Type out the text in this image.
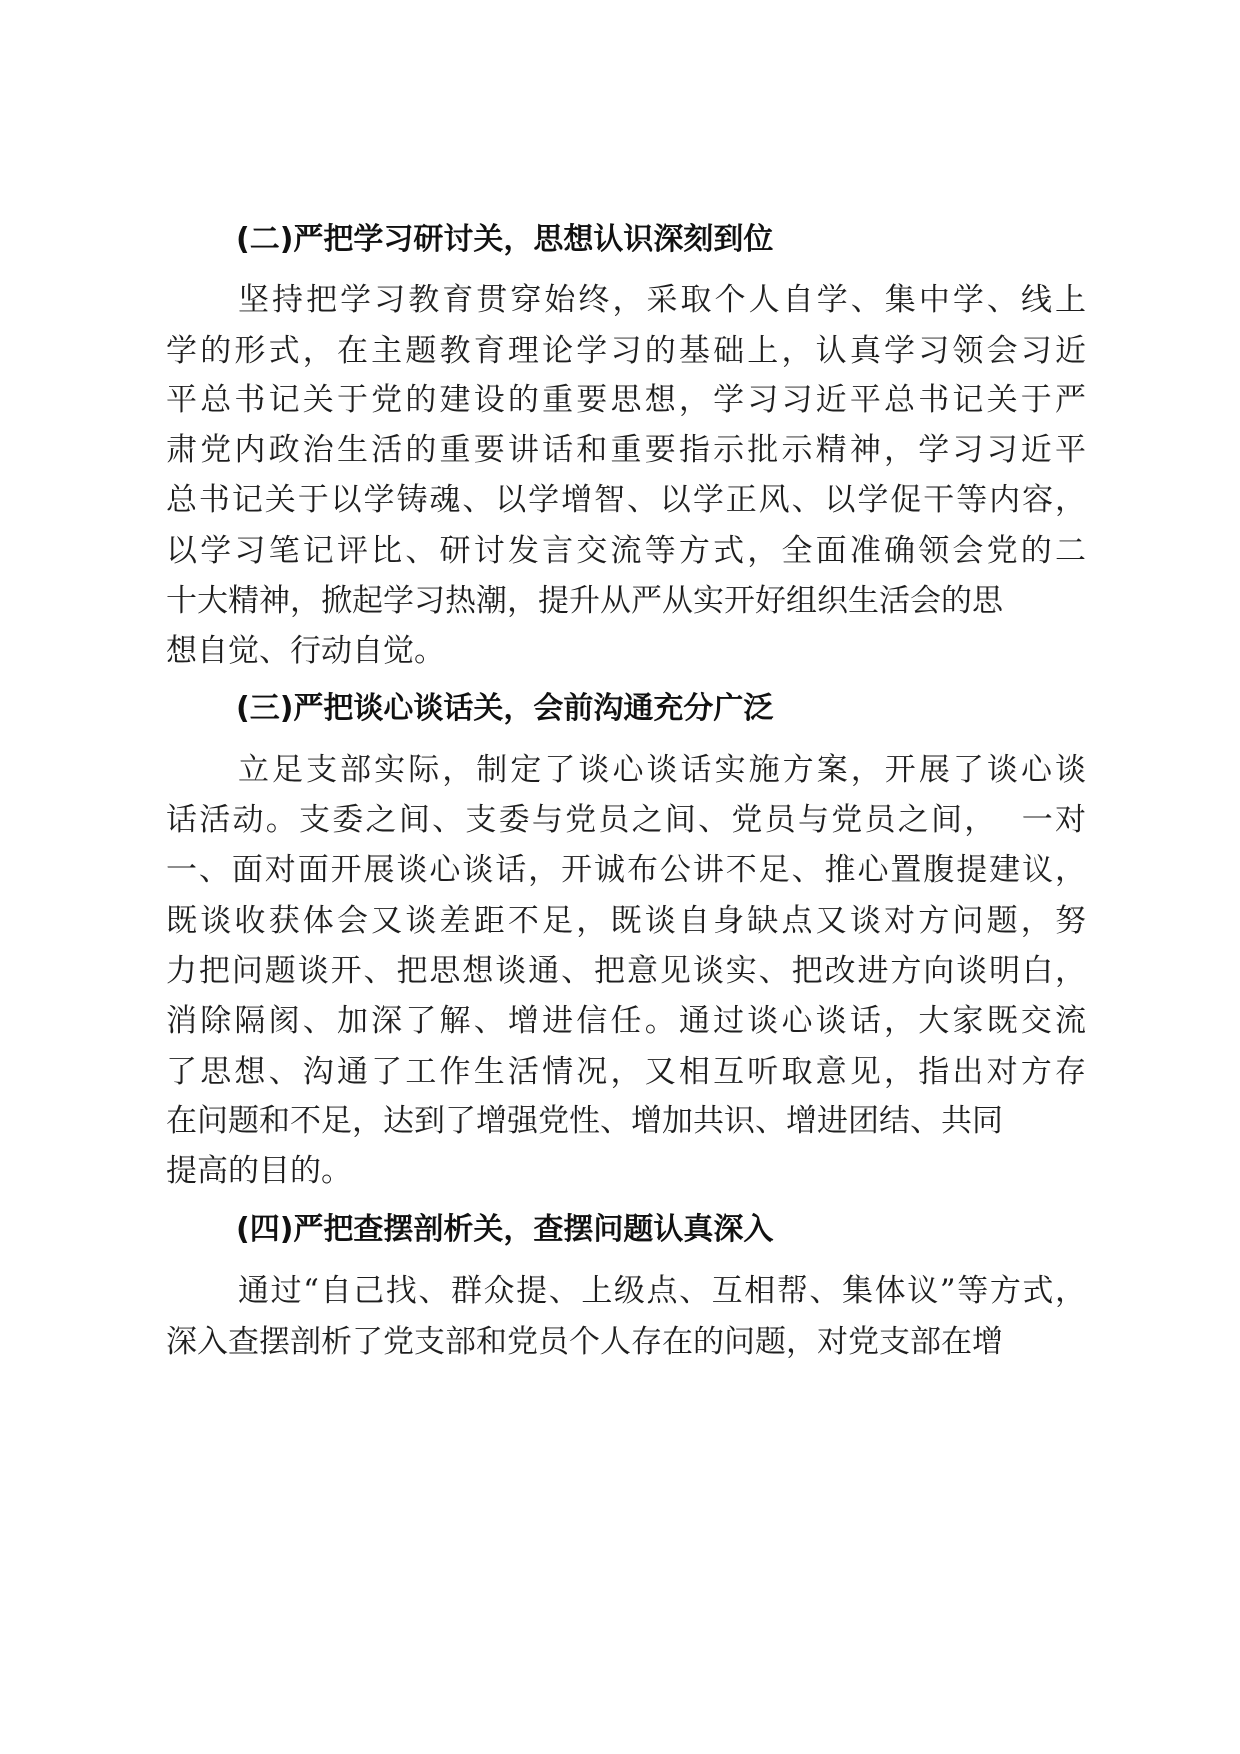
(二)严把学习研讨关，思想认识深刻到位

坚持把学习教育贯穿始终，采取个人自学、集中学、线上

学的形式，在主题教育理论学习的基础上，认真学习领会习近

平总书记关于党的建设的重要思想，学习习近平总书记关于严

肃党内政治生活的重要讲话和重要指示批示精神，学习习近平

总书记关于以学铸魂、以学增智、以学正风、以学促干等内容，

以学习笔记评比、研讨发言交流等方式，全面准确领会党的二

十大精神，掀起学习热潮，提升从严从实开好组织生活会的思

想自觉、行动自觉。

(三)严把谈心谈话关，会前沟通充分广泛

立足支部实际，制定了谈心谈话实施方案，开展了谈心谈

话活动。支委之间、支委与党员之间、党员与党员之间，  一对

一、面对面开展谈心谈话，开诚布公讲不足、推心置腹提建议，

既谈收获体会又谈差距不足，既谈自身缺点又谈对方问题，努

力把问题谈开、把思想谈通、把意见谈实、把改进方向谈明白，

消除隔阂、加深了解、增进信任。通过谈心谈话，大家既交流

了思想、沟通了工作生活情况，又相互听取意见，指出对方存

在问题和不足，达到了增强党性、增加共识、增进团结、共同

提高的目的。

(四)严把查摆剖析关，查摆问题认真深入

通过“自己找、群众提、上级点、互相帮、集体议”等方式，

深入查摆剖析了党支部和党员个人存在的问题，对党支部在增
